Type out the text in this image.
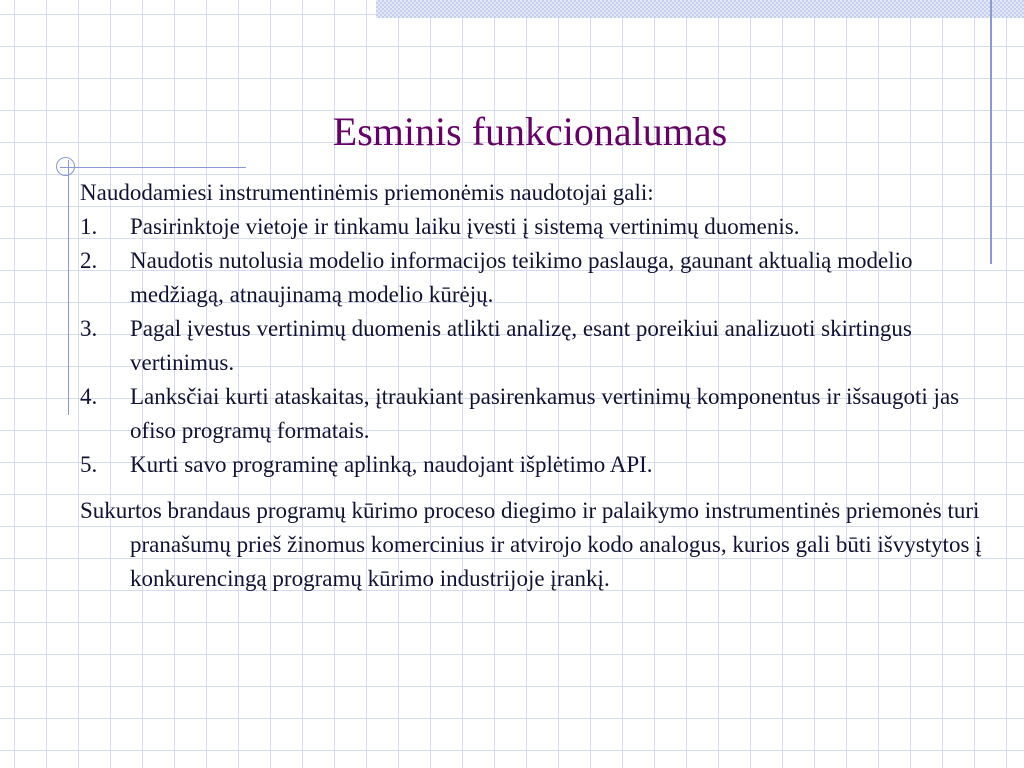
Esminis funkcionalumas

Naudodamiesi instrumentinėmis priemonėmis naudotojai gali:

1.	Pasirinktoje vietoje ir tinkamu laiku įvesti į sistemą vertinimų duomenis.
2.	Naudotis nutolusia modelio informacijos teikimo paslauga, gaunant aktualią modelio medžiagą, atnaujinamą modelio kūrėjų.
3.	Pagal įvestus vertinimų duomenis atlikti analizę, esant poreikiui analizuoti skirtingus vertinimus.
4.	Lanksčiai kurti ataskaitas, įtraukiant pasirenkamus vertinimų komponentus ir išsaugoti jas ofiso programų formatais.
5.	Kurti savo programinę aplinką, naudojant išplėtimo API.

Sukurtos brandaus programų kūrimo proceso diegimo ir palaikymo instrumentinės priemonės turi pranašumų prieš žinomus komercinius ir atvirojo kodo analogus, kurios gali būti išvystytos į konkurencingą programų kūrimo industrijoje įrankį.
